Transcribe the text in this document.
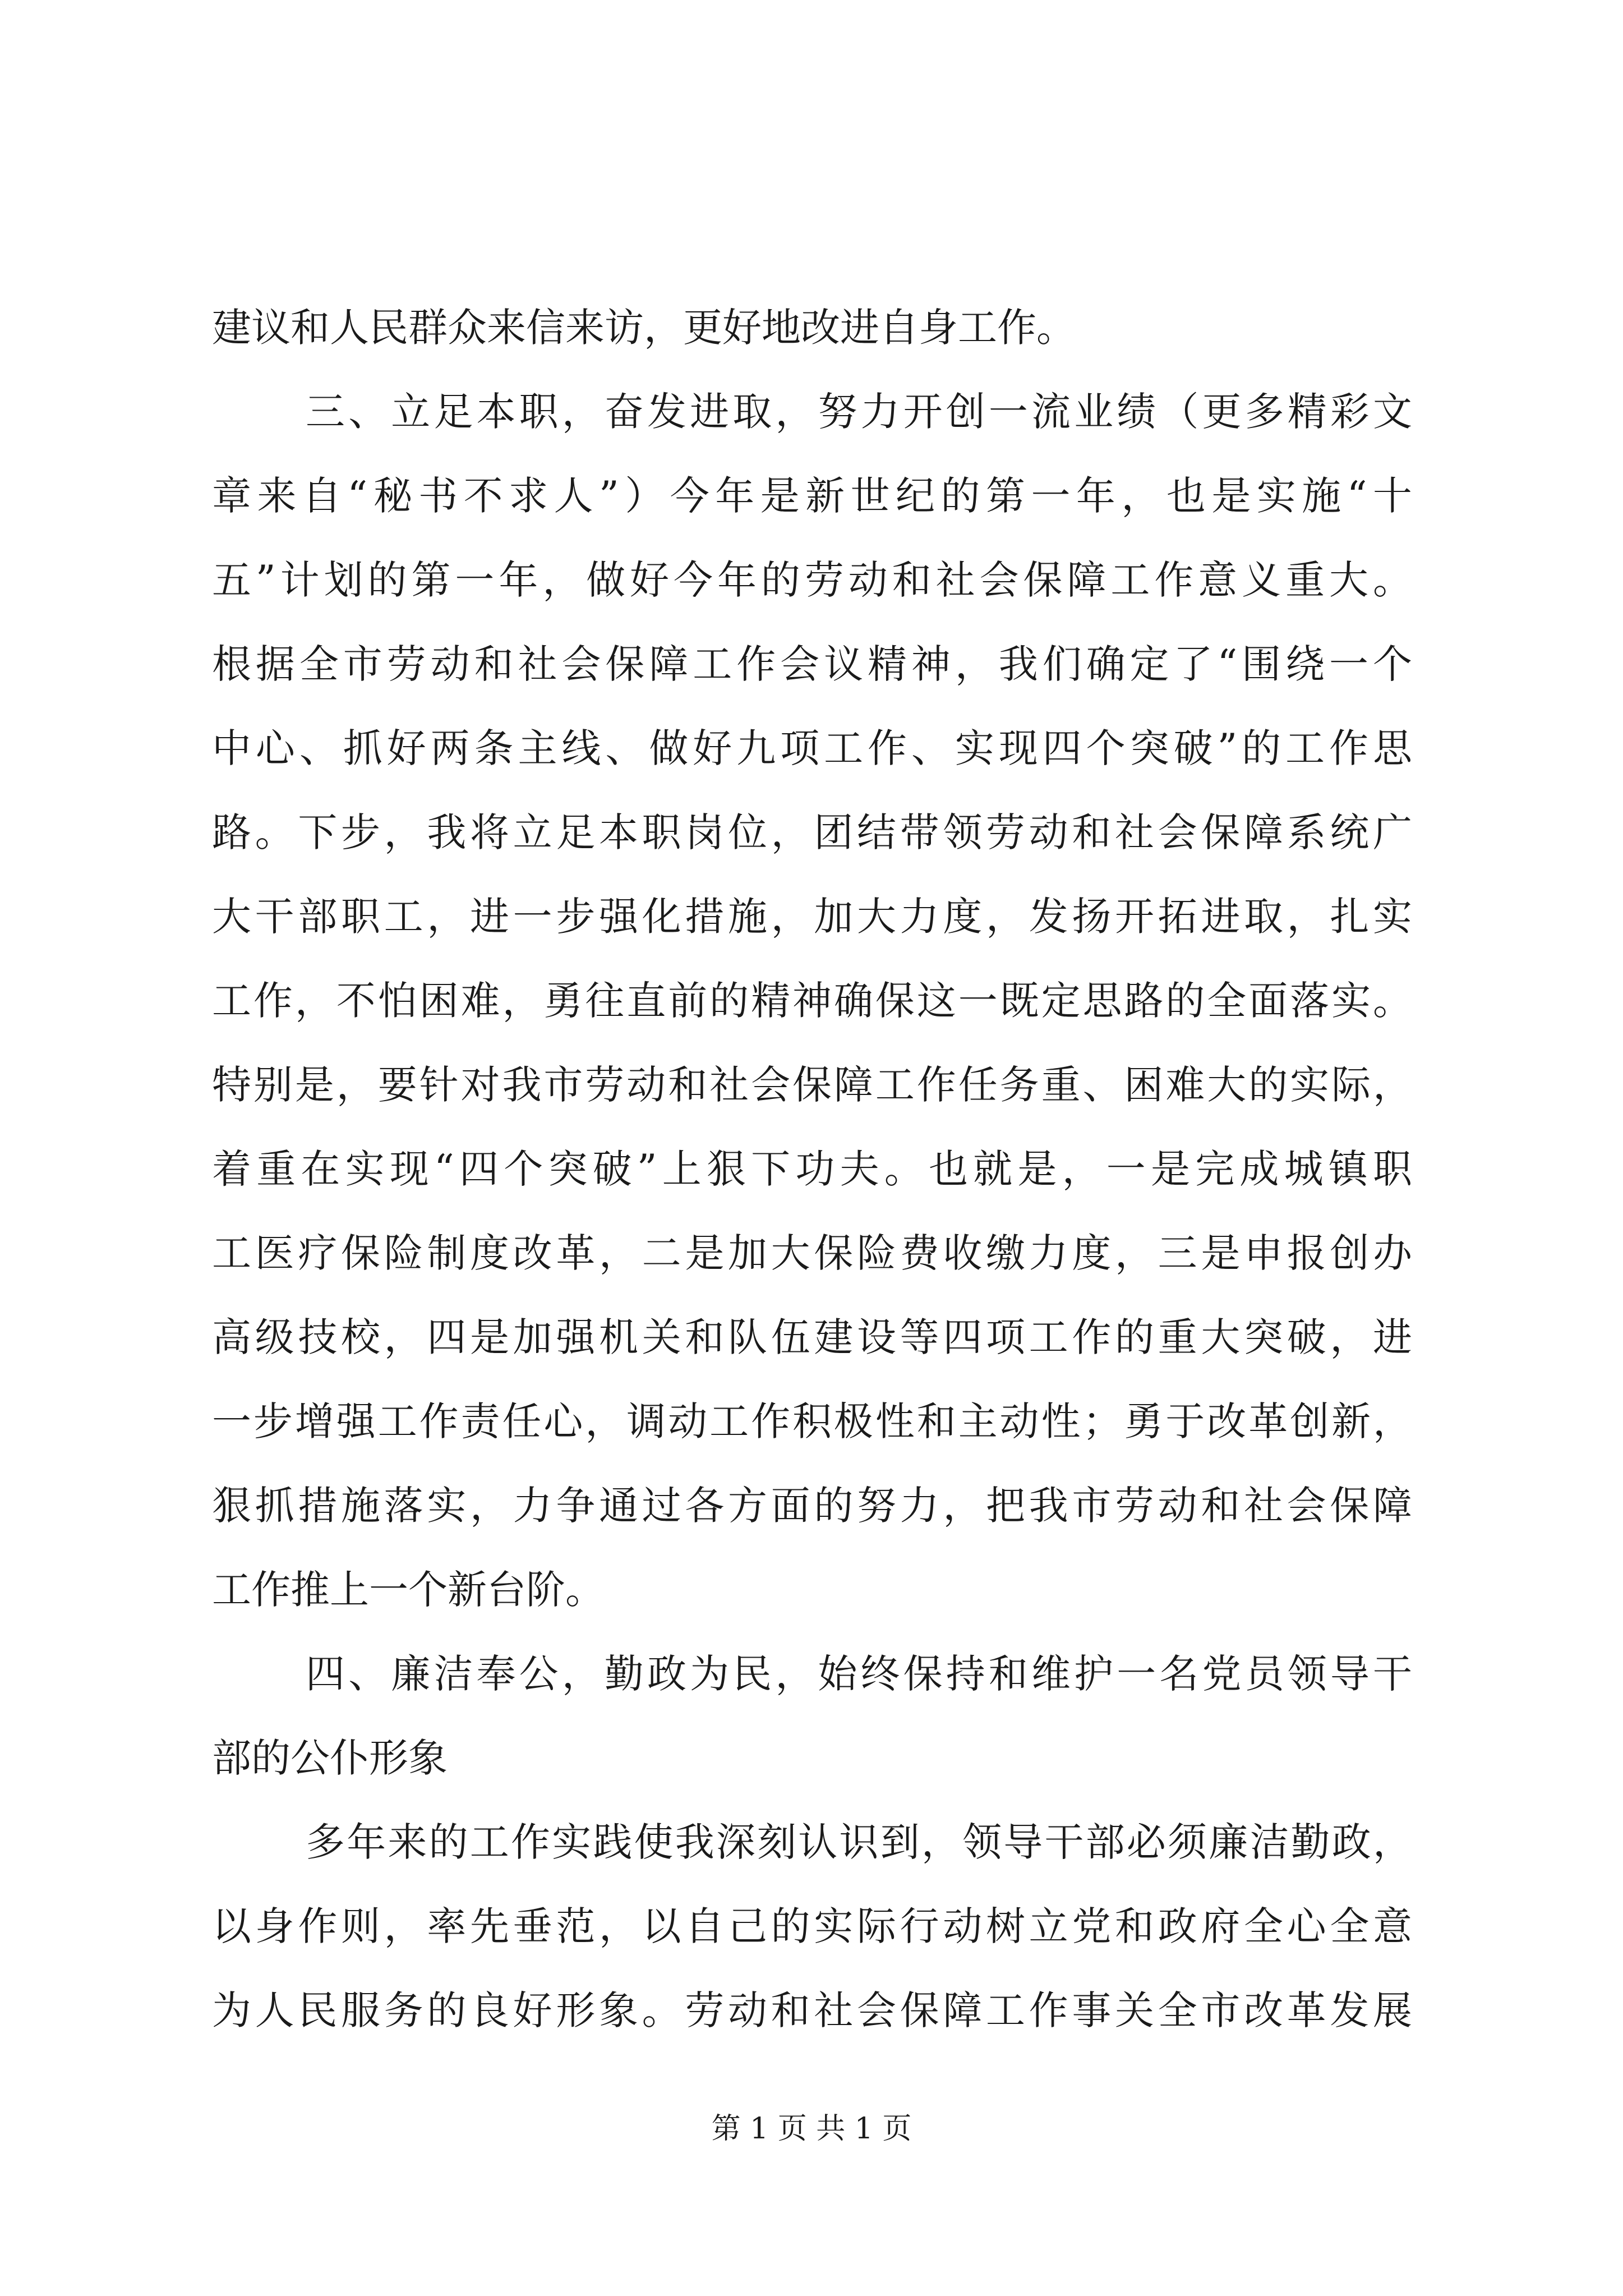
建议和人民群众来信来访，更好地改进自身工作。
三、立足本职，奋发进取，努力开创一流业绩（更多精彩文
章来自“秘书不求人”）今年是新世纪的第一年，也是实施“十
五”计划的第一年，做好今年的劳动和社会保障工作意义重大。
根据全市劳动和社会保障工作会议精神，我们确定了“围绕一个
中心、抓好两条主线、做好九项工作、实现四个突破”的工作思
路。下步，我将立足本职岗位，团结带领劳动和社会保障系统广
大干部职工，进一步强化措施，加大力度，发扬开拓进取，扎实
工作，不怕困难，勇往直前的精神确保这一既定思路的全面落实。
特别是，要针对我市劳动和社会保障工作任务重、困难大的实际，
着重在实现“四个突破”上狠下功夫。也就是，一是完成城镇职
工医疗保险制度改革，二是加大保险费收缴力度，三是申报创办
高级技校，四是加强机关和队伍建设等四项工作的重大突破，进
一步增强工作责任心，调动工作积极性和主动性；勇于改革创新，
狠抓措施落实，力争通过各方面的努力，把我市劳动和社会保障
工作推上一个新台阶。
四、廉洁奉公，勤政为民，始终保持和维护一名党员领导干
部的公仆形象
多年来的工作实践使我深刻认识到，领导干部必须廉洁勤政，
以身作则，率先垂范，以自己的实际行动树立党和政府全心全意
为人民服务的良好形象。劳动和社会保障工作事关全市改革发展
第 1 页 共 1 页
